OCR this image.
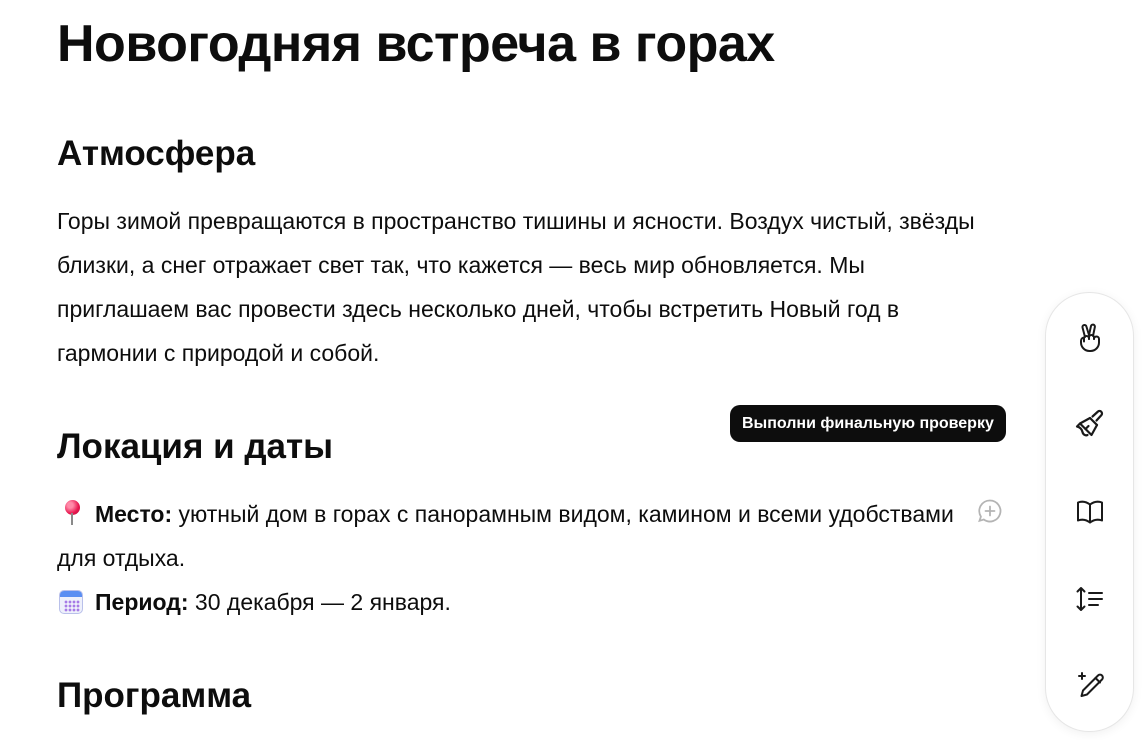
Новогодняя встреча в горах
Атмосфера

Горы зимой превращаются в пространство тишины и ясности. Воздух чистый, звёзды близки, а снег отражает свет так, что кажется — весь мир обновляется. Мы приглашаем вас провести здесь несколько дней, чтобы встретить Новый год в гармонии с природой и собой.

Локация и даты

Место: уютный дом в горах с панорамным видом, камином и всеми удобствами для отдыха.

Период: 30 декабря — 2 января.

Программа
Выполни финальную проверку
